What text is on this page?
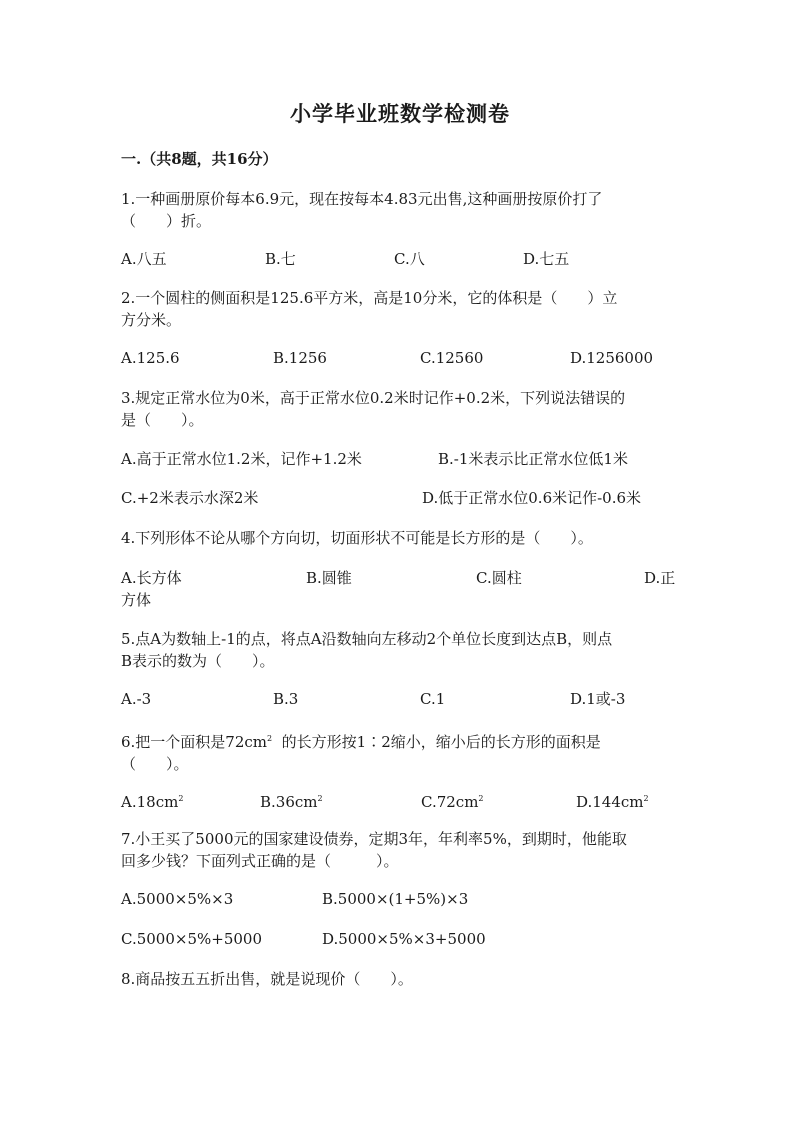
小学毕业班数学检测卷
一.（共8题，共16分）
1.一种画册原价每本6.9元，现在按每本4.83元出售,这种画册按原价打了
（　　）折。
A.八五	B.七	C.八	D.七五
2.一个圆柱的侧面积是125.6平方米，高是10分米，它的体积是（　　）立
方分米。
A.125.6	B.1256	C.12560	D.1256000
3.规定正常水位为0米，高于正常水位0.2米时记作+0.2米，下列说法错误的
是（　　）。
A.高于正常水位1.2米，记作+1.2米	B.-1米表示比正常水位低1米
C.+2米表示水深2米	D.低于正常水位0.6米记作-0.6米
4.下列形体不论从哪个方向切，切面形状不可能是长方形的是（　　）。
A.长方体	B.圆锥	C.圆柱	D.正
方体
5.点A为数轴上-1的点，将点A沿数轴向左移动2个单位长度到达点B，则点
B表示的数为（　　）。
A.-3	B.3	C.1	D.1或-3
6.把一个面积是$72cm^2$ 的长方形按1∶2缩小，缩小后的长方形的面积是
（　　）。
$A.18cm^2$	$B.36cm^2$	$C.72cm^2$	$D.144cm^2$
7.小王买了5000元的国家建设债券，定期3年，年利率5%，到期时，他能取
回多少钱？下面列式正确的是（　　　）。
A.5000×5%×3	B.5000×(1+5%)×3
C.5000×5%+5000	D.5000×5%×3+5000
8.商品按五五折出售，就是说现价（　　）。
